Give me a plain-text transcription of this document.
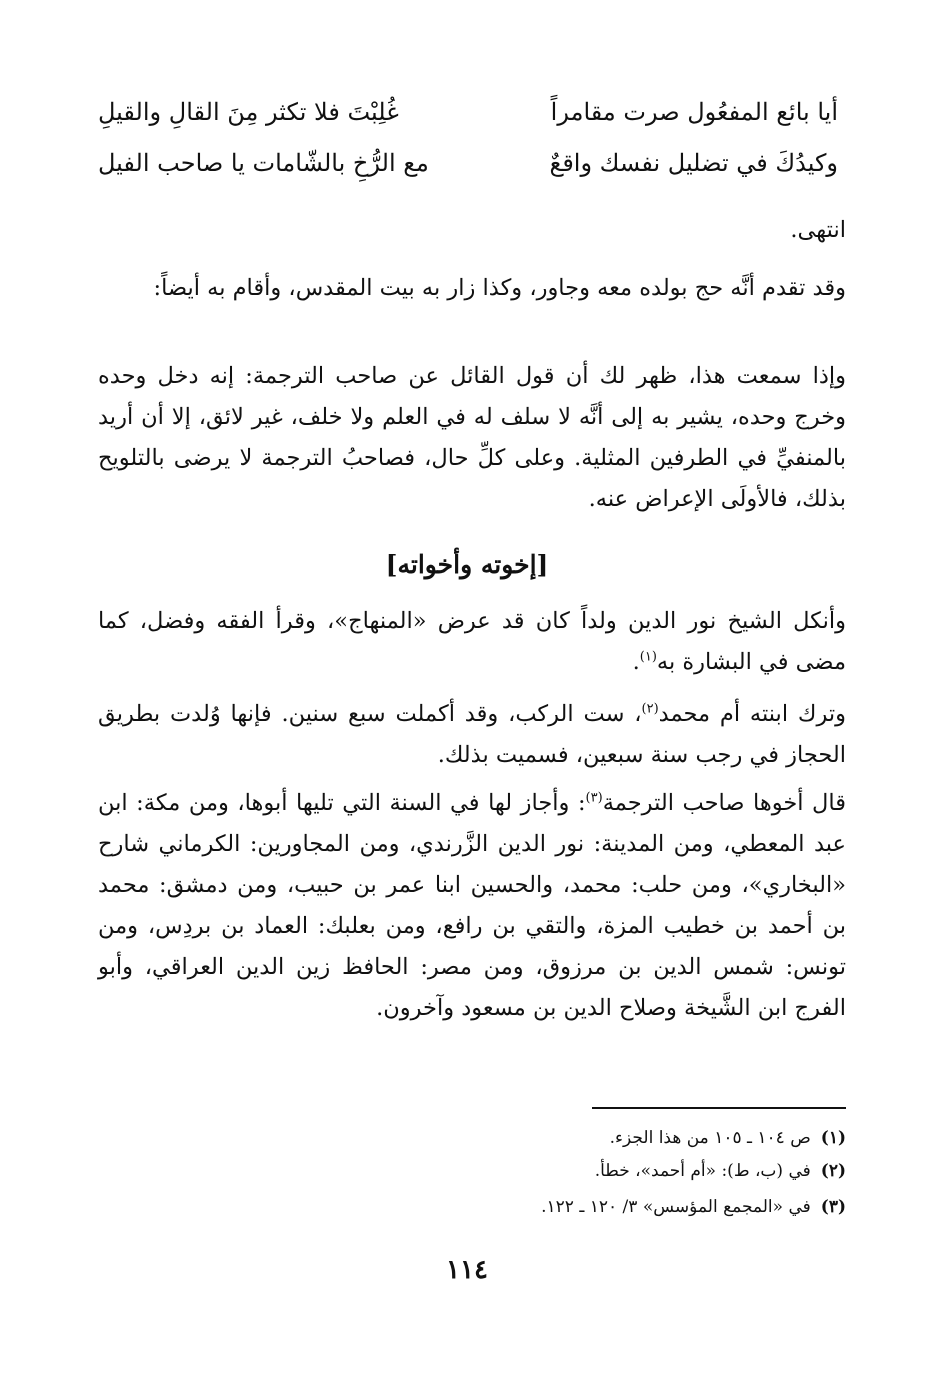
أيا بائع المفعُول صرت مقامراً
غُلِبْتَ فلا تكثر مِنَ القالِ والقيلِ
وكيدُكَ في تضليل نفسك واقعٌ
مع الرُّخِ بالشّامات يا صاحب الفيل
انتهى.
وقد تقدم أنَّه حج بولده معه وجاور، وكذا زار به بيت المقدس، وأقام به أيضاً:
وإذا سمعت هذا، ظهر لك أن قول القائل عن صاحب الترجمة: إنه دخل وحده وخرج وحده، يشير به إلى أنَّه لا سلف له في العلم ولا خلف، غير لائق، إلا أن أريد بالمنفيِّ في الطرفين المثلية. وعلى كلِّ حال، فصاحبُ الترجمة لا يرضى بالتلويح بذلك، فالأولَى الإعراض عنه.
[إخوته وأخواته]
وأنكل الشيخ نور الدين ولداً كان قد عرض «المنهاج»، وقرأ الفقه وفضل، كما مضى في البشارة به$^{(١)}$.
وترك ابنته أم محمد$^{(٢)}$، ست الركب، وقد أكملت سبع سنين. فإنها وُلدت بطريق الحجاز في رجب سنة سبعين، فسميت بذلك.
قال أخوها صاحب الترجمة$^{(٣)}$: وأجاز لها في السنة التي تليها أبوها، ومن مكة: ابن عبد المعطي، ومن المدينة: نور الدين الزَّرندي، ومن المجاورين: الكرماني شارح «البخاري»، ومن حلب: محمد، والحسين ابنا عمر بن حبيب، ومن دمشق: محمد بن أحمد بن خطيب المزة، والتقي بن رافع، ومن بعلبك: العماد بن بردِس، ومن تونس: شمس الدين بن مرزوق، ومن مصر: الحافظ زين الدين العراقي، وأبو الفرج ابن الشَّيخة وصلاح الدين بن مسعود وآخرون.
(١)ص ١٠٤ ـ ١٠٥ من هذا الجزء.
(٢)في (ب، ط): «أم أحمد»، خطأ.
(٣)في «المجمع المؤسس» ٣/ ١٢٠ ـ ١٢٢.
١١٤
